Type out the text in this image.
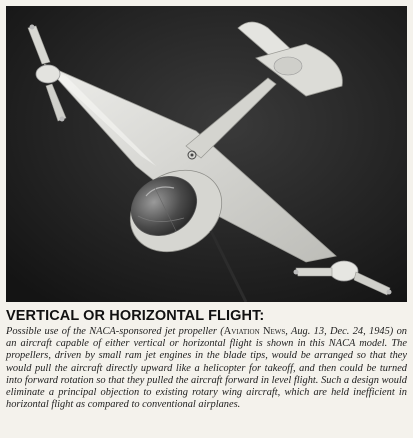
VERTICAL OR HORIZONTAL FLIGHT:
Possible use of the NACA-sponsored jet propeller (Aviation News, Aug. 13, Dec. 24, 1945) on an aircraft capable of either vertical or horizontal flight is shown in this NACA model. The propellers, driven by small ram jet engines in the blade tips, would be arranged so that they would pull the aircraft directly upward like a helicopter for takeoff, and then could be turned into forward rotation so that they pulled the aircraft forward in level flight. Such a design would eliminate a principal objection to existing rotary wing aircraft, which are held inefficient in horizontal flight as compared to conventional airplanes.
